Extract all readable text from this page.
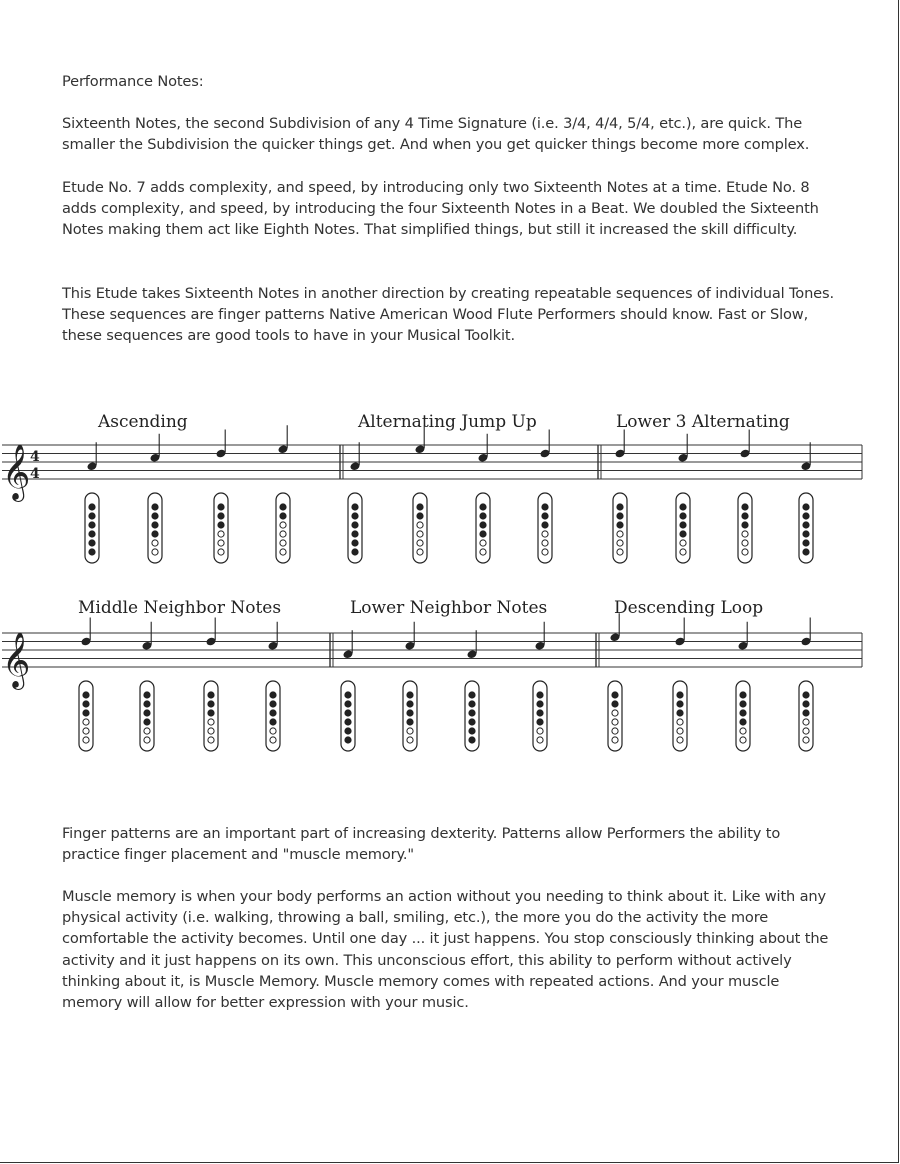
Performance Notes:

Sixteenth Notes, the second Subdivision of any 4 Time Signature (i.e. 3/4, 4/4, 5/4, etc.), are quick. The smaller the Subdivision the quicker things get. And when you get quicker things become more complex.

Etude No. 7 adds complexity, and speed, by introducing only two Sixteenth Notes at a time. Etude No. 8 adds complexity, and speed, by introducing the four Sixteenth Notes in a Beat. We doubled the Sixteenth Notes making them act like Eighth Notes. That simplified things, but still it increased the skill difficulty.

This Etude takes Sixteenth Notes in another direction by creating repeatable sequences of individual Tones. These sequences are finger patterns Native American Wood Flute Performers should know. Fast or Slow, these sequences are good tools to have in your Musical Toolkit.

𝄞 4
4
Ascending	Alternating Jump Up	Lower 3 Alternating
𝄞
Middle Neighbor Notes	Lower Neighbor Notes	Descending Loop

Finger patterns are an important part of increasing dexterity. Patterns allow Performers the ability to practice finger placement and "muscle memory."

Muscle memory is when your body performs an action without you needing to think about it. Like with any physical activity (i.e. walking, throwing a ball, smiling, etc.), the more you do the activity the more comfortable the activity becomes. Until one day ... it just happens. You stop consciously thinking about the activity and it just happens on its own. This unconscious effort, this ability to perform without actively thinking about it, is Muscle Memory. Muscle memory comes with repeated actions. And your muscle memory will allow for better expression with your music.
